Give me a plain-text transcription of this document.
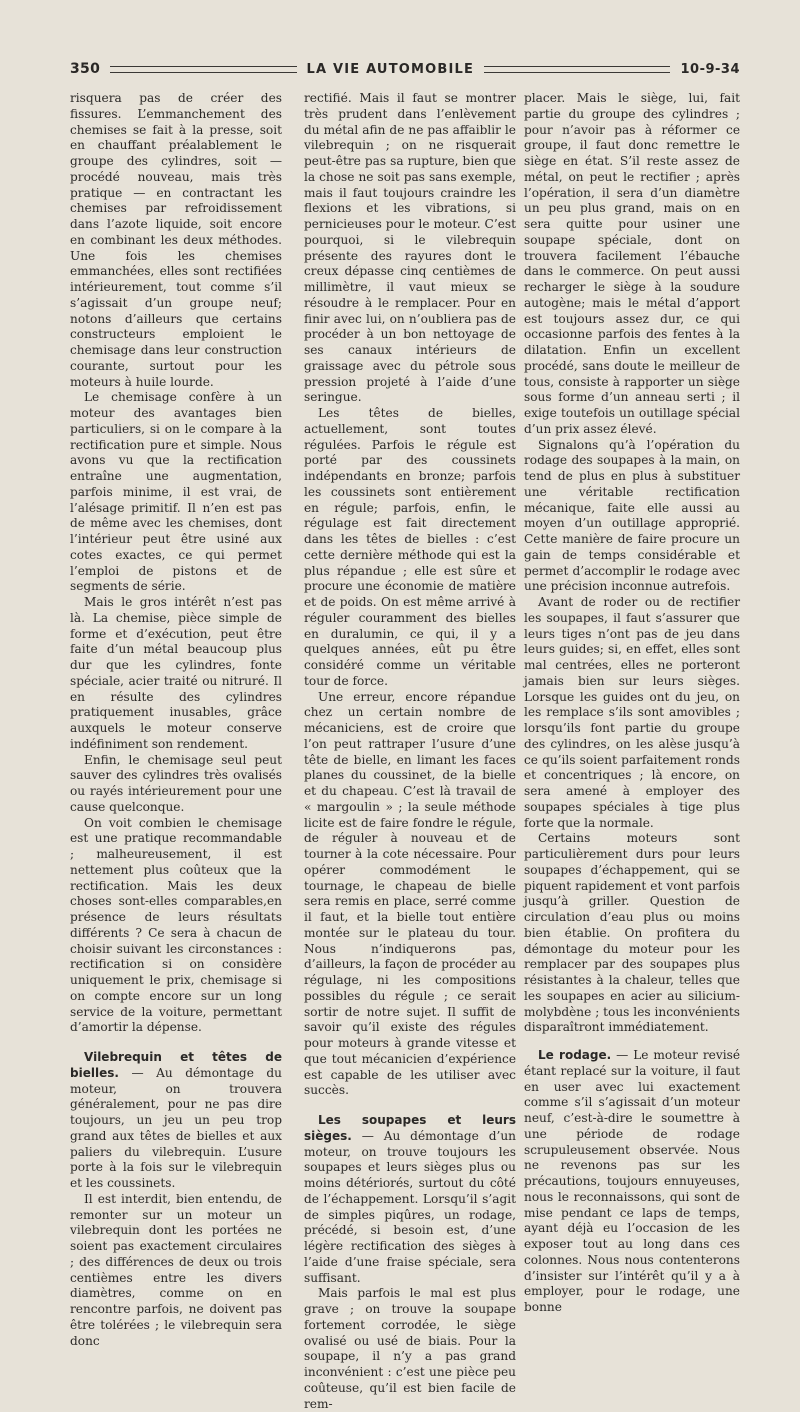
350	LA VIE AUTOMOBILE	10-9-34

risquera pas de créer des fissures. L’emmanchement des chemises se fait à la presse, soit en chauffant préalablement le groupe des cylindres, soit — procédé nouveau, mais très pratique — en contractant les chemises par refroidissement dans l’azote liquide, soit encore en combinant les deux méthodes. Une fois les chemises emmanchées, elles sont rectifiées intérieurement, tout comme s’il s’agissait d’un groupe neuf; notons d’ailleurs que certains constructeurs emploient le chemisage dans leur construction courante, surtout pour les moteurs à huile lourde.

Le chemisage confère à un moteur des avantages bien particuliers, si on le compare à la rectification pure et simple. Nous avons vu que la rectification entraîne une augmentation, parfois minime, il est vrai, de l’alésage primitif. Il n’en est pas de même avec les chemises, dont l’intérieur peut être usiné aux cotes exactes, ce qui permet l’emploi de pistons et de segments de série.

Mais le gros intérêt n’est pas là. La chemise, pièce simple de forme et d’exécution, peut être faite d’un métal beaucoup plus dur que les cylindres, fonte spéciale, acier traité ou nitruré. Il en résulte des cylindres pratiquement inusables, grâce auxquels le moteur conserve indéfiniment son rendement.

Enfin, le chemisage seul peut sauver des cylindres très ovalisés ou rayés intérieurement pour une cause quelconque.

On voit combien le chemisage est une pratique recommandable ; malheureusement, il est nettement plus coûteux que la rectification. Mais les deux choses sont-elles comparables,en présence de leurs résultats différents ? Ce sera à chacun de choisir suivant les circonstances : rectification si on considère uniquement le prix, chemisage si on compte encore sur un long service de la voiture, permettant d’amortir la dépense.

Vilebrequin et têtes de bielles. — Au démontage du moteur, on trouvera généralement, pour ne pas dire toujours, un jeu un peu trop grand aux têtes de bielles et aux paliers du vilebrequin. L’usure porte à la fois sur le vilebrequin et les coussinets.

Il est interdit, bien entendu, de remonter sur un moteur un vilebrequin dont les portées ne soient pas exactement circulaires ; des différences de deux ou trois centièmes entre les divers diamètres, comme on en rencontre parfois, ne doivent pas être tolérées ; le vilebrequin sera donc

rectifié. Mais il faut se montrer très prudent dans l’enlèvement du métal afin de ne pas affaiblir le vilebrequin ; on ne risquerait peut-être pas sa rupture, bien que la chose ne soit pas sans exemple, mais il faut toujours craindre les flexions et les vibrations, si pernicieuses pour le moteur. C’est pourquoi, si le vilebrequin présente des rayures dont le creux dépasse cinq centièmes de millimètre, il vaut mieux se résoudre à le remplacer. Pour en finir avec lui, on n’oubliera pas de procéder à un bon nettoyage de ses canaux intérieurs de graissage avec du pétrole sous pression projeté à l’aide d’une seringue.

Les têtes de bielles, actuellement, sont toutes régulées. Parfois le régule est porté par des coussinets indépendants en bronze; parfois les coussinets sont entièrement en régule; parfois, enfin, le régulage est fait directement dans les têtes de bielles : c’est cette dernière méthode qui est la plus répandue ; elle est sûre et procure une économie de matière et de poids. On est même arrivé à réguler couramment des bielles en duralumin, ce qui, il y a quelques années, eût pu être considéré comme un véritable tour de force.

Une erreur, encore répandue chez un certain nombre de mécaniciens, est de croire que l’on peut rattraper l’usure d’une tête de bielle, en limant les faces planes du coussinet, de la bielle et du chapeau. C’est là travail de « margoulin » ; la seule méthode licite est de faire fondre le régule, de réguler à nouveau et de tourner à la cote nécessaire. Pour opérer commodément le tournage, le chapeau de bielle sera remis en place, serré comme il faut, et la bielle tout entière montée sur le plateau du tour. Nous n’indiquerons pas, d’ailleurs, la façon de procéder au régulage, ni les compositions possibles du régule ; ce serait sortir de notre sujet. Il suffit de savoir qu’il existe des régules pour moteurs à grande vitesse et que tout mécanicien d’expérience est capable de les utiliser avec succès.

Les soupapes et leurs sièges. — Au démontage d’un moteur, on trouve toujours les soupapes et leurs sièges plus ou moins détériorés, surtout du côté de l’échappement. Lorsqu’il s’agit de simples piqûres, un rodage, précédé, si besoin est, d’une légère rectification des sièges à l’aide d’une fraise spéciale, sera suffisant.

Mais parfois le mal est plus grave ; on trouve la soupape fortement corrodée, le siège ovalisé ou usé de biais. Pour la soupape, il n’y a pas grand inconvénient : c’est une pièce peu coûteuse, qu’il est bien facile de rem-

placer. Mais le siège, lui, fait partie du groupe des cylindres ; pour n’avoir pas à réformer ce groupe, il faut donc remettre le siège en état. S’il reste assez de métal, on peut le rectifier ; après l’opération, il sera d’un diamètre un peu plus grand, mais on en sera quitte pour usiner une soupape spéciale, dont on trouvera facilement l’ébauche dans le commerce. On peut aussi recharger le siège à la soudure autogène; mais le métal d’apport est toujours assez dur, ce qui occasionne parfois des fentes à la dilatation. Enfin un excellent procédé, sans doute le meilleur de tous, consiste à rapporter un siège sous forme d’un anneau serti ; il exige toutefois un outillage spécial d’un prix assez élevé.

Signalons qu’à l’opération du rodage des soupapes à la main, on tend de plus en plus à substituer une véritable rectification mécanique, faite elle aussi au moyen d’un outillage approprié. Cette manière de faire procure un gain de temps considérable et permet d’accomplir le rodage avec une précision inconnue autrefois.

Avant de roder ou de rectifier les soupapes, il faut s’assurer que leurs tiges n’ont pas de jeu dans leurs guides; si, en effet, elles sont mal centrées, elles ne porteront jamais bien sur leurs sièges. Lorsque les guides ont du jeu, on les remplace s’ils sont amovibles ; lorsqu’ils font partie du groupe des cylindres, on les alèse jusqu’à ce qu’ils soient parfaitement ronds et concentriques ; là encore, on sera amené à employer des soupapes spéciales à tige plus forte que la normale.

Certains moteurs sont particulièrement durs pour leurs soupapes d’échappement, qui se piquent rapidement et vont parfois jusqu’à griller. Question de circulation d’eau plus ou moins bien établie. On profitera du démontage du moteur pour les remplacer par des soupapes plus résistantes à la chaleur, telles que les soupapes en acier au silicium-molybdène ; tous les inconvénients disparaîtront immédiatement.

Le rodage. — Le moteur revisé étant replacé sur la voiture, il faut en user avec lui exactement comme s’il s’agissait d’un moteur neuf, c’est-à-dire le soumettre à une période de rodage scrupuleusement observée. Nous ne revenons pas sur les précautions, toujours ennuyeuses, nous le reconnaissons, qui sont de mise pendant ce laps de temps, ayant déjà eu l’occasion de les exposer tout au long dans ces colonnes. Nous nous contenterons d’insister sur l’intérêt qu’il y a à employer, pour le rodage, une bonne
